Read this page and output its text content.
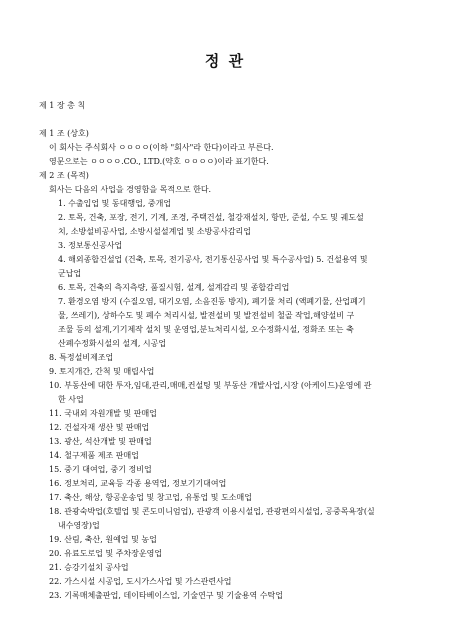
정 관
제 1 장 총 칙
제 1 조 (상호)
이 회사는 주식회사 ㅇㅇㅇㅇ(이하 "회사"라 한다)이라고 부른다.
영문으로는 ㅇㅇㅇㅇ.CO., LTD.(약호 ㅇㅇㅇㅇ)이라 표기한다.
제 2 조 (목적)
회사는 다음의 사업을 경영함을 목적으로 한다.
1. 수출입업 및 동대행업, 중개업
2. 토목, 건축, 포장, 전기, 기계, 조경, 주택건설, 철강재설치, 항만, 준설, 수도 및 궤도설
치, 소방설비공사업, 소방시설설계업 및 소방공사감리업
3. 정보통신공사업
4. 해외종합건설업 (건축, 토목, 전기공사, 전기통신공사업 및 특수공사업) 5. 건설용역 및
군납업
6. 토목, 건축의 측지측량, 품질시험, 설계, 설계감리 및 종합감리업
7. 환경오염 방지 (수질오염, 대기오염, 소음진동 방지), 폐기물 처리 (액폐기물, 산업폐기
물, 쓰레기), 상하수도 및 폐수 처리시설, 발전설비 및 발전설비 철골 작업,해양설비 구
조물 등의 설계,기기제작 설치 및 운영업,분뇨처리시설, 오수정화시설, 정화조 또는 축
산폐수정화시설의 설계, 시공업
8. 특정설비제조업
9. 토지개간, 간척 및 매립사업
10. 부동산에 대한 투자,임대,관리,매매,컨설팅 및 부동산 개발사업,시장 (아케이드)운영에 관
한 사업
11. 국내외 자원개발 및 판매업
12. 건설자재 생산 및 판매업
13. 광산, 석산개발 및 판매업
14. 철구제품 제조 판매업
15. 중기 대여업, 중기 정비업
16. 정보처리, 교육등 각종 용역업, 정보기기대여업
17. 축산, 해상, 항공운송업 및 창고업, 유통업 및 도소매업
18. 관광숙박업(호텔업 및 콘도미니엄업), 관광객 이용시설업, 관광편의시설업, 공중목욕장(실
내수영장)업
19. 산림, 축산, 원예업 및 농업
20. 유료도로업 및 주차장운영업
21. 승강기설치 공사업
22. 가스시설 시공업, 도시가스사업 및 가스관련사업
23. 기록매체출판업, 데이타베이스업, 기술연구 및 기술용역 수탁업
